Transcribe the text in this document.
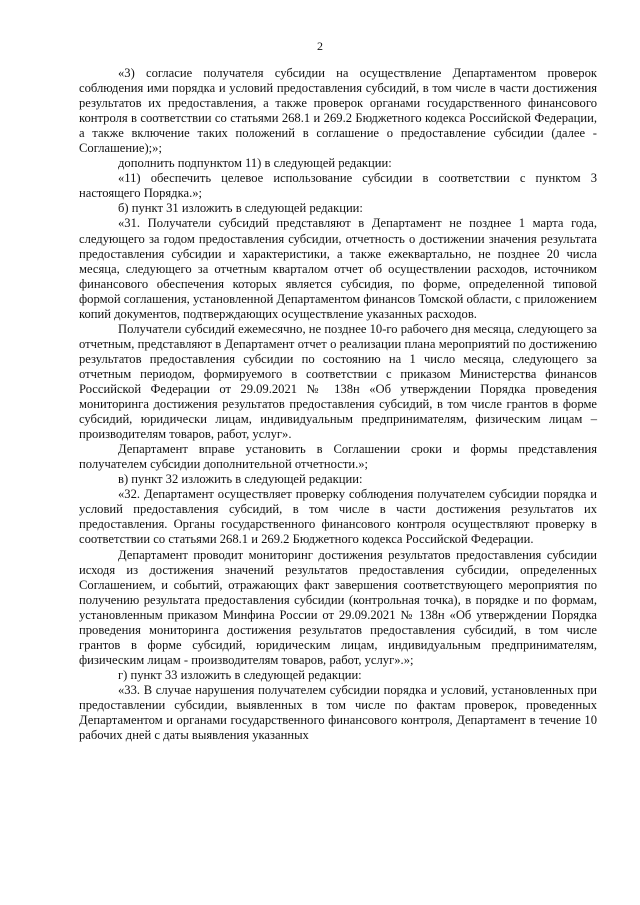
2

«3) согласие получателя субсидии на осуществление Департаментом проверок соблюдения ими порядка и условий предоставления субсидий, в том числе в части достижения результатов их предоставления, а также проверок органами государственного финансового контроля в соответствии со статьями 268.1 и 269.2 Бюджетного кодекса Российской Федерации, а также включение таких положений в соглашение о предоставление субсидии (далее - Соглашение);»;

дополнить подпунктом 11) в следующей редакции:

«11) обеспечить целевое использование субсидии в соответствии с пунктом 3 настоящего Порядка.»;

б) пункт 31 изложить в следующей редакции:

«31. Получатели субсидий представляют в Департамент не позднее 1 марта года, следующего за годом предоставления субсидии, отчетность о достижении значения результата предоставления субсидии и характеристики, а также ежеквартально, не позднее 20 числа месяца, следующего за отчетным кварталом отчет об осуществлении расходов, источником финансового обеспечения которых является субсидия, по форме, определенной типовой формой соглашения, установленной Департаментом финансов Томской области, с приложением копий документов, подтверждающих осуществление указанных расходов.

Получатели субсидий ежемесячно, не позднее 10-го рабочего дня месяца, следующего за отчетным, представляют в Департамент отчет о реализации плана мероприятий по достижению результатов предоставления субсидии по состоянию на 1 число месяца, следующего за отчетным периодом, формируемого в соответствии с приказом Министерства финансов Российской Федерации от 29.09.2021 № 138н «Об утверждении Порядка проведения мониторинга достижения результатов предоставления субсидий, в том числе грантов в форме субсидий, юридически лицам, индивидуальным предпринимателям, физическим лицам – производителям товаров, работ, услуг».

Департамент вправе установить в Соглашении сроки и формы представления получателем субсидии дополнительной отчетности.»;

в) пункт 32 изложить в следующей редакции:

«32. Департамент осуществляет проверку соблюдения получателем субсидии порядка и условий предоставления субсидий, в том числе в части достижения результатов их предоставления. Органы государственного финансового контроля осуществляют проверку в соответствии со статьями 268.1 и 269.2 Бюджетного кодекса Российской Федерации.

Департамент проводит мониторинг достижения результатов предоставления субсидии исходя из достижения значений результатов предоставления субсидии, определенных Соглашением, и событий, отражающих факт завершения соответствующего мероприятия по получению результата предоставления субсидии (контрольная точка), в порядке и по формам, установленным приказом Минфина России от 29.09.2021 № 138н «Об утверждении Порядка проведения мониторинга достижения результатов предоставления субсидий, в том числе грантов в форме субсидий, юридическим лицам, индивидуальным предпринимателям, физическим лицам - производителям товаров, работ, услуг».»;

г) пункт 33 изложить в следующей редакции:

«33. В случае нарушения получателем субсидии порядка и условий, установленных при предоставлении субсидии, выявленных в том числе по фактам проверок, проведенных Департаментом и органами государственного финансового контроля, Департамент в течение 10 рабочих дней с даты выявления указанных
